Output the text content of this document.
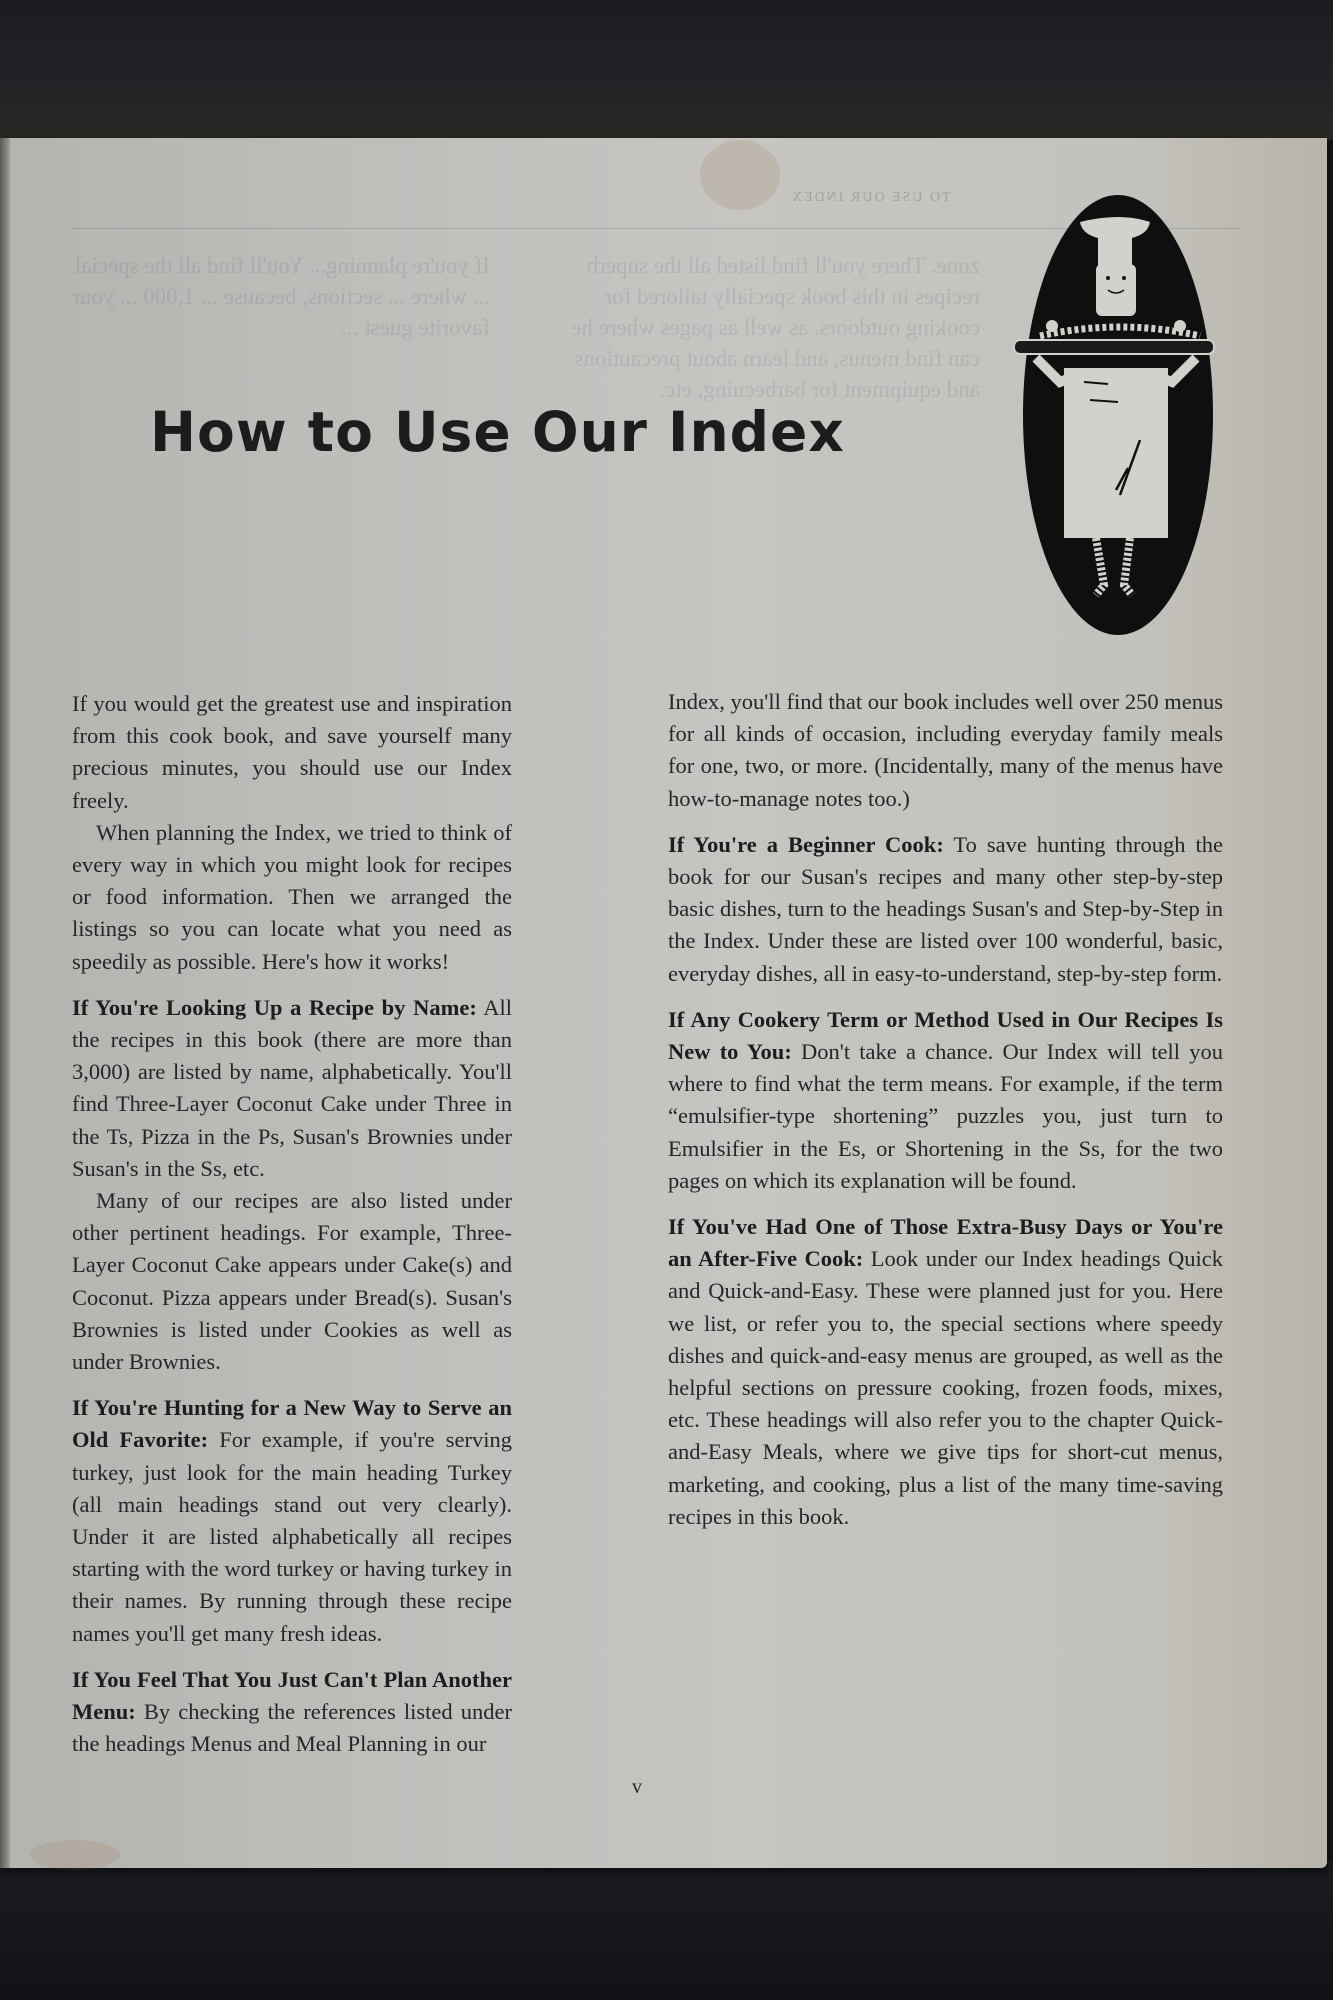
TO USE OUR INDEX
zone. There you'll find listed all the superb recipes in this book specially tailored for cooking outdoors, as well as pages where he can find menus, and learn about precautions and equipment for barbecuing, etc.
If you're planning... You'll find all the special ... where ... sections, because ... 1,000 ... your favorite guest ...
How to Use Our Index

If you would get the greatest use and inspiration from this cook book, and save yourself many precious minutes, you should use our Index freely.

When planning the Index, we tried to think of every way in which you might look for recipes or food information. Then we arranged the listings so you can locate what you need as speedily as possible. Here's how it works!

If You're Looking Up a Recipe by Name: All the recipes in this book (there are more than 3,000) are listed by name, alphabetically. You'll find Three-Layer Coconut Cake under Three in the Ts, Pizza in the Ps, Susan's Brownies under Susan's in the Ss, etc.

Many of our recipes are also listed under other pertinent headings. For example, Three-Layer Coconut Cake appears under Cake(s) and Coconut. Pizza appears under Bread(s). Susan's Brownies is listed under Cookies as well as under Brownies.

If You're Hunting for a New Way to Serve an Old Favorite: For example, if you're serving turkey, just look for the main heading Turkey (all main headings stand out very clearly). Under it are listed alphabetically all recipes starting with the word turkey or having turkey in their names. By running through these recipe names you'll get many fresh ideas.

If You Feel That You Just Can't Plan Another Menu: By checking the references listed under the headings Menus and Meal Planning in our

Index, you'll find that our book includes well over 250 menus for all kinds of occasion, including everyday family meals for one, two, or more. (Incidentally, many of the menus have how-to-manage notes too.)

If You're a Beginner Cook: To save hunting through the book for our Susan's recipes and many other step-by-step basic dishes, turn to the headings Susan's and Step-by-Step in the Index. Under these are listed over 100 wonderful, basic, everyday dishes, all in easy-to-understand, step-by-step form.

If Any Cookery Term or Method Used in Our Recipes Is New to You: Don't take a chance. Our Index will tell you where to find what the term means. For example, if the term “emulsifier-type shortening” puzzles you, just turn to Emulsifier in the Es, or Shortening in the Ss, for the two pages on which its explanation will be found.

If You've Had One of Those Extra-Busy Days or You're an After-Five Cook: Look under our Index headings Quick and Quick-and-Easy. These were planned just for you. Here we list, or refer you to, the special sections where speedy dishes and quick-and-easy menus are grouped, as well as the helpful sections on pressure cooking, frozen foods, mixes, etc. These headings will also refer you to the chapter Quick-and-Easy Meals, where we give tips for short-cut menus, marketing, and cooking, plus a list of the many time-saving recipes in this book.

v
